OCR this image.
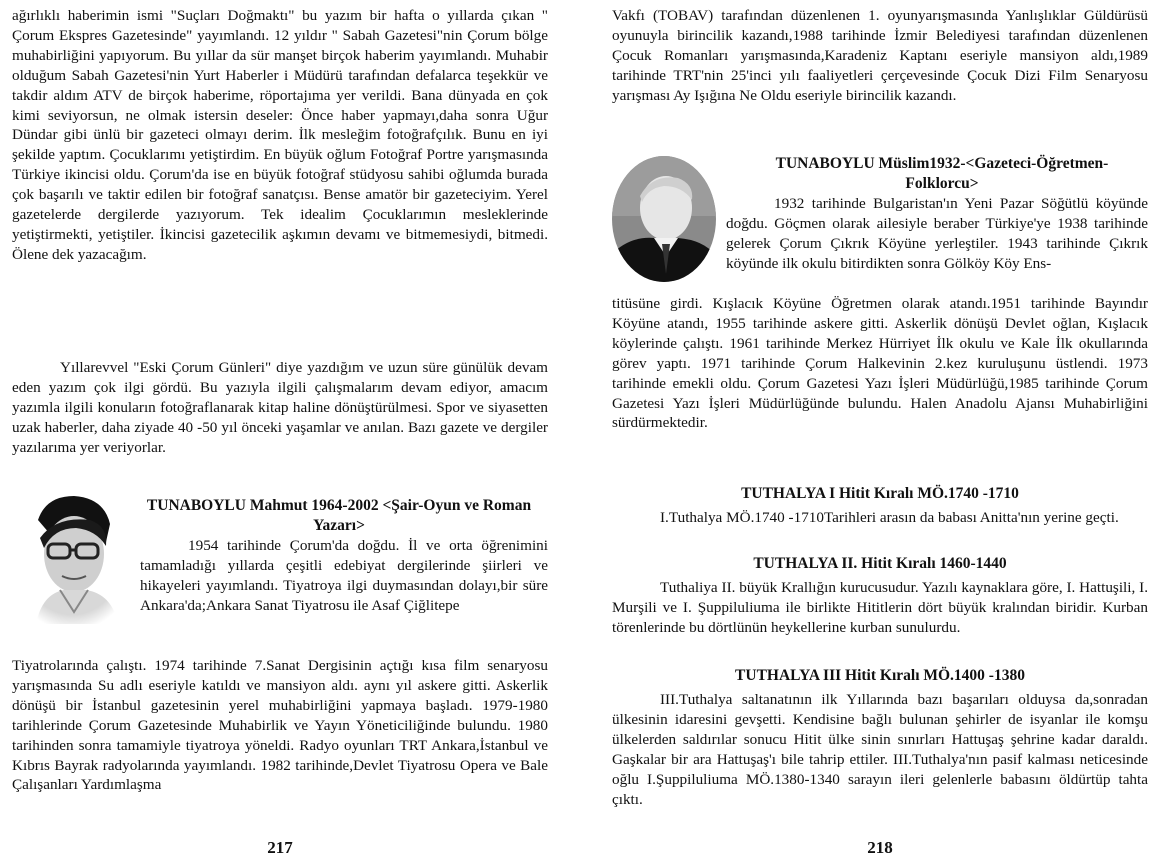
ağırlıklı haberimin ismi "Suçları Doğmaktı" bu yazım bir hafta o yıllarda çıkan " Çorum Ekspres Gazetesinde" yayımlandı. 12 yıldır " Sabah Gazetesi"nin Çorum bölge muhabirliğini yapıyorum. Bu yıllar da sür manşet birçok haberim yayımlandı. Muhabir olduğum Sabah Gazetesi'nin Yurt Haberler i Müdürü tarafından defalarca teşekkür ve takdir aldım ATV de birçok haberime, röportajıma yer verildi. Bana dünyada en çok kimi seviyorsun, ne olmak istersin deseler: Önce haber yapmayı,daha sonra Uğur Dündar gibi ünlü bir gazeteci olmayı derim. İlk mesleğim fotoğrafçılık. Bunu en iyi şekilde yaptım. Çocuklarımı yetiştirdim. En büyük oğlum Fotoğraf Portre yarışmasında Türkiye ikincisi oldu. Çorum'da ise en büyük fotoğraf stüdyosu sahibi oğlumda burada çok başarılı ve taktir edilen bir fotoğraf sanatçısı. Bense amatör bir gazeteciyim. Yerel gazetelerde dergilerde yazıyorum. Tek idealim Çocuklarımın mesleklerinde yetiştirmekti, yetiştiler. İkincisi gazetecilik aşkımın devamı ve bitmemesiydi, bitmedi. Ölene dek yazacağım.

Yıllarevvel "Eski Çorum Günleri" diye yazdığım ve uzun süre günülük devam eden yazım çok ilgi gördü. Bu yazıyla ilgili çalışmalarım devam ediyor, amacım yazımla ilgili konuların fotoğraflanarak kitap haline dönüştürülmesi. Spor ve siyasetten uzak haberler, daha ziyade 40 -50 yıl önceki yaşamlar ve anılan. Bazı gazete ve dergiler yazılarıma yer veriyorlar.

TUNABOYLU Mahmut 1964-2002 <Şair-Oyun ve Roman Yazarı>

1954 tarihinde Çorum'da doğdu. İl ve orta öğrenimini tamamladığı yıllarda çeşitli edebiyat dergilerinde şiirleri ve hikayeleri yayımlandı. Tiyatroya ilgi duymasından dolayı,bir süre Ankara'da;Ankara Sanat Tiyatrosu ile Asaf Çiğlitepe

Tiyatrolarında çalıştı. 1974 tarihinde 7.Sanat Dergisinin açtığı kısa film senaryosu yarışmasında Su adlı eseriyle katıldı ve mansiyon aldı. aynı yıl askere gitti. Askerlik dönüşü bir İstanbul gazetesinin yerel muhabirliğini yapmaya başladı. 1979-1980 tarihlerinde Çorum Gazetesinde Muhabirlik ve Yayın Yöneticiliğinde bulundu. 1980 tarihinden sonra tamamiyle tiyatroya yöneldi. Radyo oyunları TRT Ankara,İstanbul ve Kıbrıs Bayrak radyolarında yayımlandı. 1982 tarihinde,Devlet Tiyatrosu Opera ve Bale Çalışanları Yardımlaşma

217

Vakfı (TOBAV) tarafından düzenlenen 1. oyunyarışmasında Yanlışlıklar Güldürüsü oyunuyla birincilik kazandı,1988 tarihinde İzmir Belediyesi tarafından düzenlenen Çocuk Romanları yarışmasında,Karadeniz Kaptanı eseriyle mansiyon aldı,1989 tarihinde TRT'nin 25'inci yılı faaliyetleri çerçevesinde Çocuk Dizi Film Senaryosu yarışması Ay Işığına Ne Oldu eseriyle birincilik kazandı.

TUNABOYLU Müslim1932-<Gazeteci-Öğretmen-Folklorcu>

1932 tarihinde Bulgaristan'ın Yeni Pazar Söğütlü köyünde doğdu. Göçmen olarak ailesiyle beraber Türkiye'ye 1938 tarihinde gelerek Çorum Çıkrık Köyüne yerleştiler. 1943 tarihinde Çıkrık köyünde ilk okulu bitirdikten sonra Gölköy Köy Ens-

titüsüne girdi. Kışlacık Köyüne Öğretmen olarak atandı.1951 tarihinde Bayındır Köyüne atandı, 1955 tarihinde askere gitti. Askerlik dönüşü Devlet oğlan, Kışlacık köylerinde çalıştı. 1961 tarihinde Merkez Hürriyet İlk okulu ve Kale İlk okullarında görev yaptı. 1971 tarihinde Çorum Halkevinin 2.kez kuruluşunu üstlendi. 1973 tarihinde emekli oldu. Çorum Gazetesi Yazı İşleri Müdürlüğü,1985 tarihinde Çorum Gazetesi Yazı İşleri Müdürlüğünde bulundu. Halen Anadolu Ajansı Muhabirliğini sürdürmektedir.

TUTHALYA I Hitit Kıralı MÖ.1740 -1710

I.Tuthalya MÖ.1740 -1710Tarihleri arasın da babası Anitta'nın yerine geçti.

TUTHALYA II. Hitit Kıralı 1460-1440

Tuthaliya II. büyük Krallığın kurucusudur. Yazılı kaynaklara göre, I. Hattuşili, I. Murşili ve I. Şuppiluliuma ile birlikte Hititlerin dört büyük kralından biridir. Kurban törenlerinde bu dörtlünün heykellerine kurban sunulurdu.

TUTHALYA III Hitit Kıralı MÖ.1400 -1380

III.Tuthalya saltanatının ilk Yıllarında bazı başarıları olduysa da,sonradan ülkesinin idaresini gevşetti. Kendisine bağlı bulunan şehirler de isyanlar ile komşu ülkelerden saldırılar sonucu Hitit ülke sinin sınırları Hattuşaş şehrine kadar daraldı. Gaşkalar bir ara Hattuşaş'ı bile tahrip ettiler. III.Tuthalya'nın pasif kalması neticesinde oğlu I.Şuppiluliuma MÖ.1380-1340 sarayın ileri gelenlerle babasını öldürtüp tahta çıktı.

218
